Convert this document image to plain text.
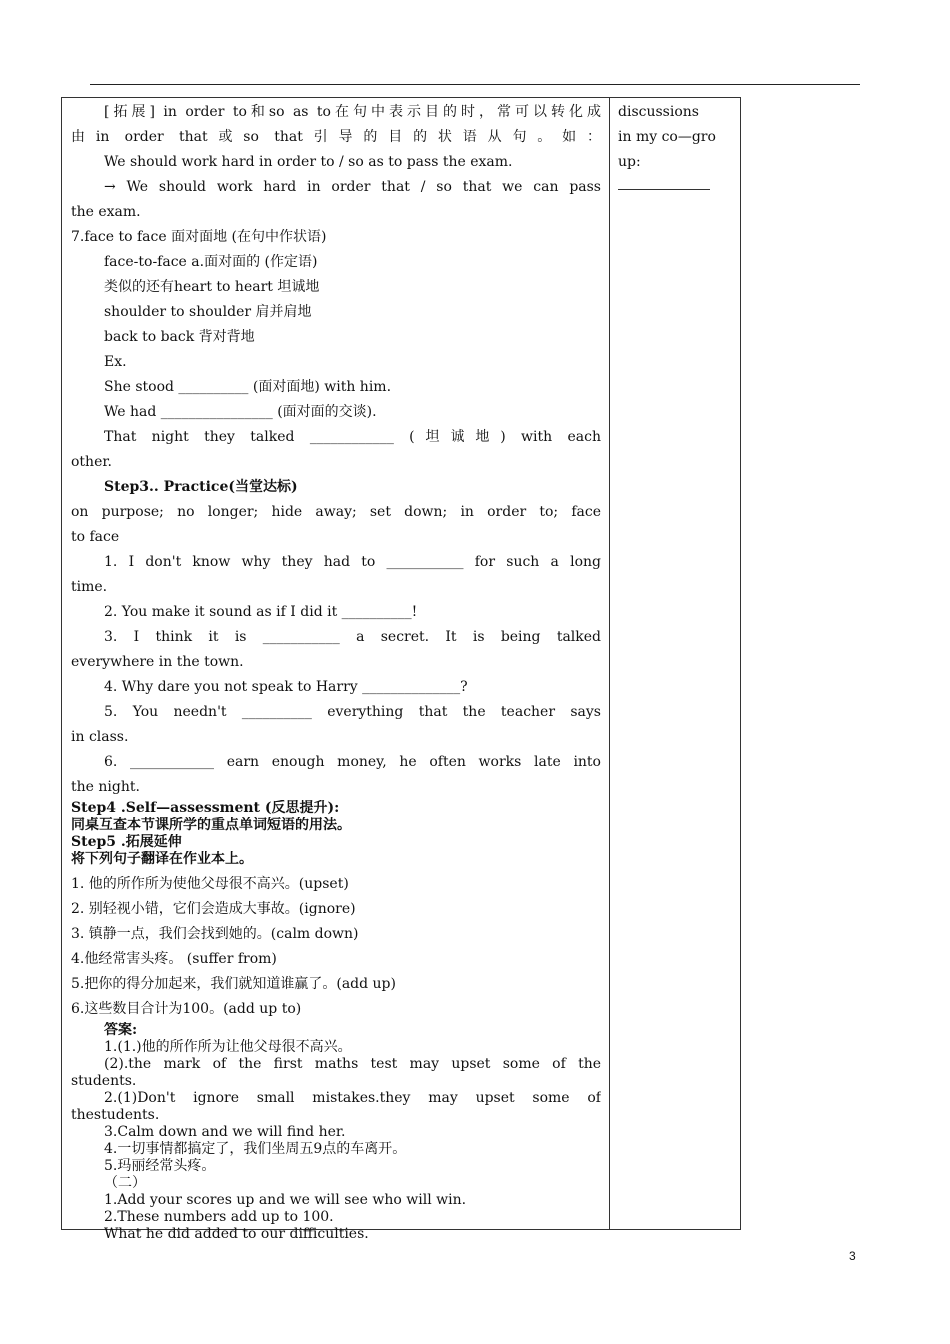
[拓展] in order to和so as to在句中表示目的时，常可以转化成
由in order that或so that引导的目的状语从句。如：
We should work hard in order to / so as to pass the exam.
→ We should work hard in order that / so that we can pass
the exam.
7.face to face 面对面地 (在句中作状语)
face-to-face a.面对面的 (作定语)
类似的还有heart to heart 坦诚地
shoulder to shoulder 肩并肩地
back to back 背对背地
Ex.
She stood __________ (面对面地) with him.
We had ________________ (面对面的交谈).
That night they talked ____________ (坦诚地) with each
other.
Step3.. Practice(当堂达标)
on purpose; no longer; hide away; set down; in order to; face
to face
1. I don't know why they had to ___________ for such a long
time.
2. You make it sound as if I did it __________!
3. I think it is ___________ a secret. It is being talked
everywhere in the town.
4. Why dare you not speak to Harry ______________?
5. You needn't __________ everything that the teacher says
in class.
6. ____________ earn enough money, he often works late into
the night.
Step4 .Self—assessment (反思提升):
同桌互查本节课所学的重点单词短语的用法。
Step5 .拓展延伸
将下列句子翻译在作业本上。
1. 他的所作所为使他父母很不高兴。(upset)
2. 别轻视小错，它们会造成大事故。(ignore)
3. 镇静一点，我们会找到她的。(calm down)
4.他经常害头疼。 (suffer from)
5.把你的得分加起来，我们就知道谁赢了。(add up)
6.这些数目合计为100。(add up to)
答案:
1.(1.)他的所作所为让他父母很不高兴。
(2).the mark of the first maths test may upset some of the
students.
2.(1)Don't ignore small mistakes.they may upset some of
thestudents.
3.Calm down and we will find her.
4.一切事情都搞定了，我们坐周五9点的车离开。
5.玛丽经常头疼。
（二）
1.Add your scores up and we will see who will win.
2.These numbers add up to 100.
What he did added to our difficulties.
discussions
in my co—gro
up:
3
